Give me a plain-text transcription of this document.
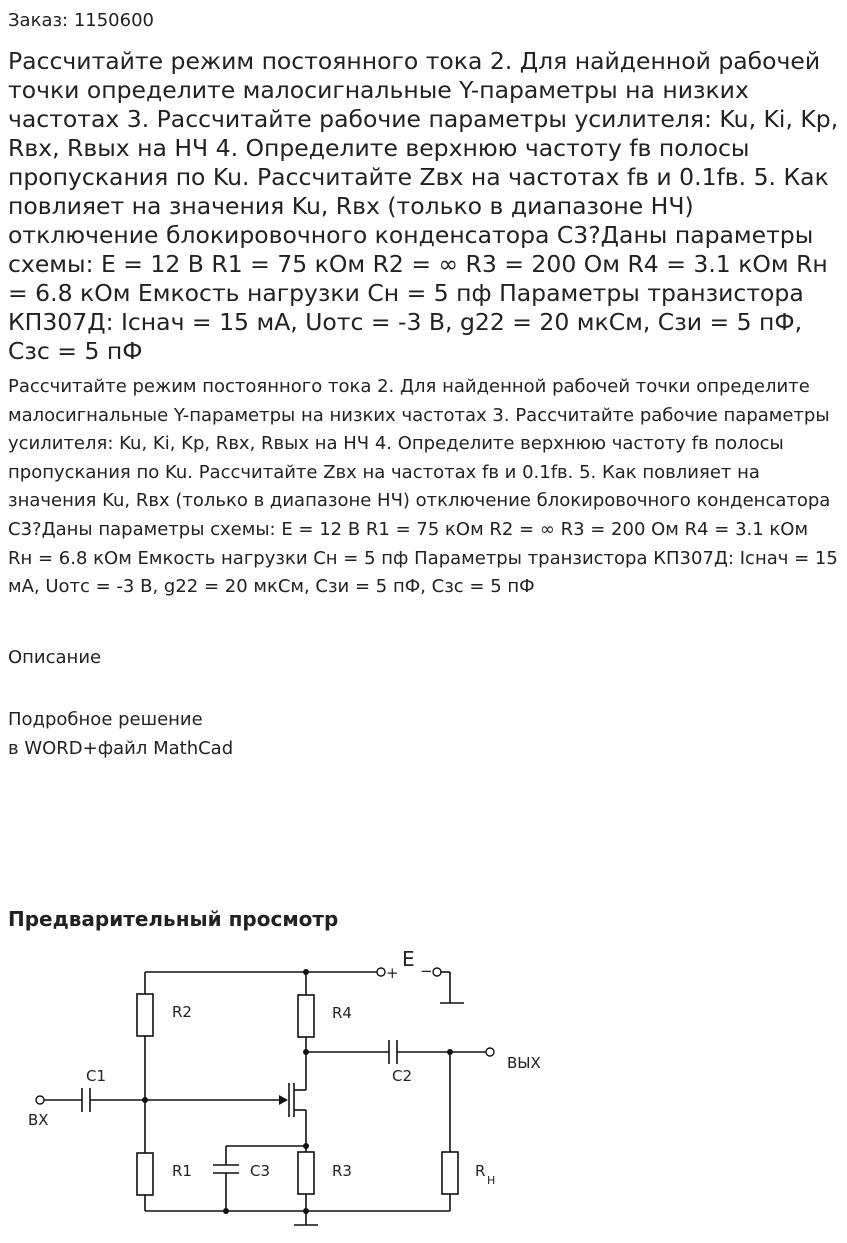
Заказ: 1150600
Рассчитайте режим постоянного тока 2. Для найденной рабочей точки определите малосигнальные Y-параметры на низких частотах 3. Рассчитайте рабочие параметры усилителя: Ku, Ki, Kp, Rвх, Rвых на НЧ 4. Определите верхнюю частоту fв полосы пропускания по Ku. Рассчитайте Zвх на частотах fв и 0.1fв. 5. Как повлияет на значения Ku, Rвх (только в диапазоне НЧ) отключение блокировочного конденсатора C3?Даны параметры схемы: E = 12 В R1 = 75 кОм R2 = ∞ R3 = 200 Ом R4 = 3.1 кОм Rн = 6.8 кОм Емкость нагрузки Cн = 5 пф Параметры транзистора КП307Д: Icнач = 15 мА, Uотс = -3 В, g22 = 20 мкСм, Cзи = 5 пФ, Cзс = 5 пФ

Рассчитайте режим постоянного тока 2. Для найденной рабочей точки определите малосигнальные Y-параметры на низких частотах 3. Рассчитайте рабочие параметры усилителя: Ku, Ki, Kp, Rвх, Rвых на НЧ 4. Определите верхнюю частоту fв полосы пропускания по Ku. Рассчитайте Zвх на частотах fв и 0.1fв. 5. Как повлияет на значения Ku, Rвх (только в диапазоне НЧ) отключение блокировочного конденсатора C3?Даны параметры схемы: E = 12 В R1 = 75 кОм R2 = ∞ R3 = 200 Ом R4 = 3.1 кОм Rн = 6.8 кОм Емкость нагрузки Cн = 5 пф Параметры транзистора КП307Д: Icнач = 15 мА, Uотс = -3 В, g22 = 20 мкСм, Cзи = 5 пФ, Cзс = 5 пФ

Описание
Подробное решение
в WORD+файл MathCad
Предварительный просмотр
E
+ −
R2
R1
ВХ
C1
R4
C2
ВЫХ
R
H
R3
C3
